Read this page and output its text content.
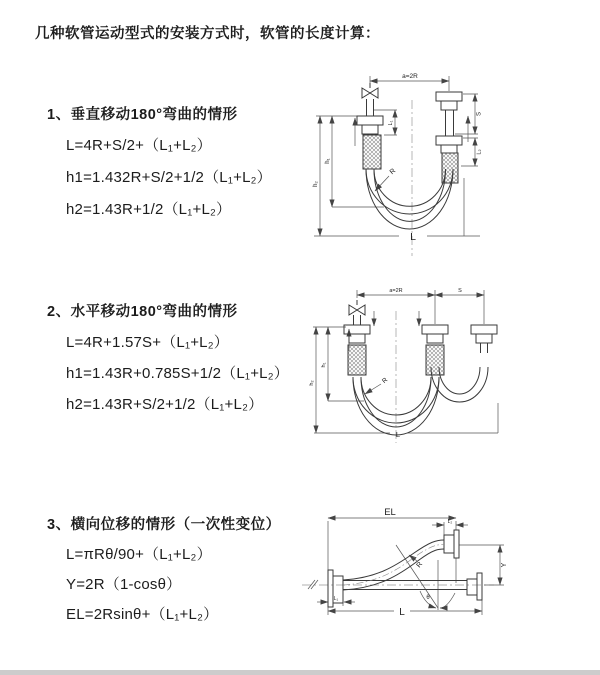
几种软管运动型式的安装方式时，软管的长度计算：
1、垂直移动180°弯曲的情形
L=4R+S/2+（L₁+L₂）
h1=1.432R+S/2+1/2（L₁+L₂）
h2=1.43R+1/2（L₁+L₂）
2、水平移动180°弯曲的情形
L=4R+1.57S+（L₁+L₂）
h1=1.43R+0.785S+1/2（L₁+L₂）
h2=1.43R+S/2+1/2（L₁+L₂）
3、横向位移的情形（一次性变位）
L=πRθ/90+（L₁+L₂）
Y=2R（1-cosθ）
EL=2Rsinθ+（L₁+L₂）
a=2R
h₁
h₂
L₁
S
L₂
R
L
a=2R	S
h₁
h₂	R
L
EL
L₂
Y
R
θ
L
L₁
